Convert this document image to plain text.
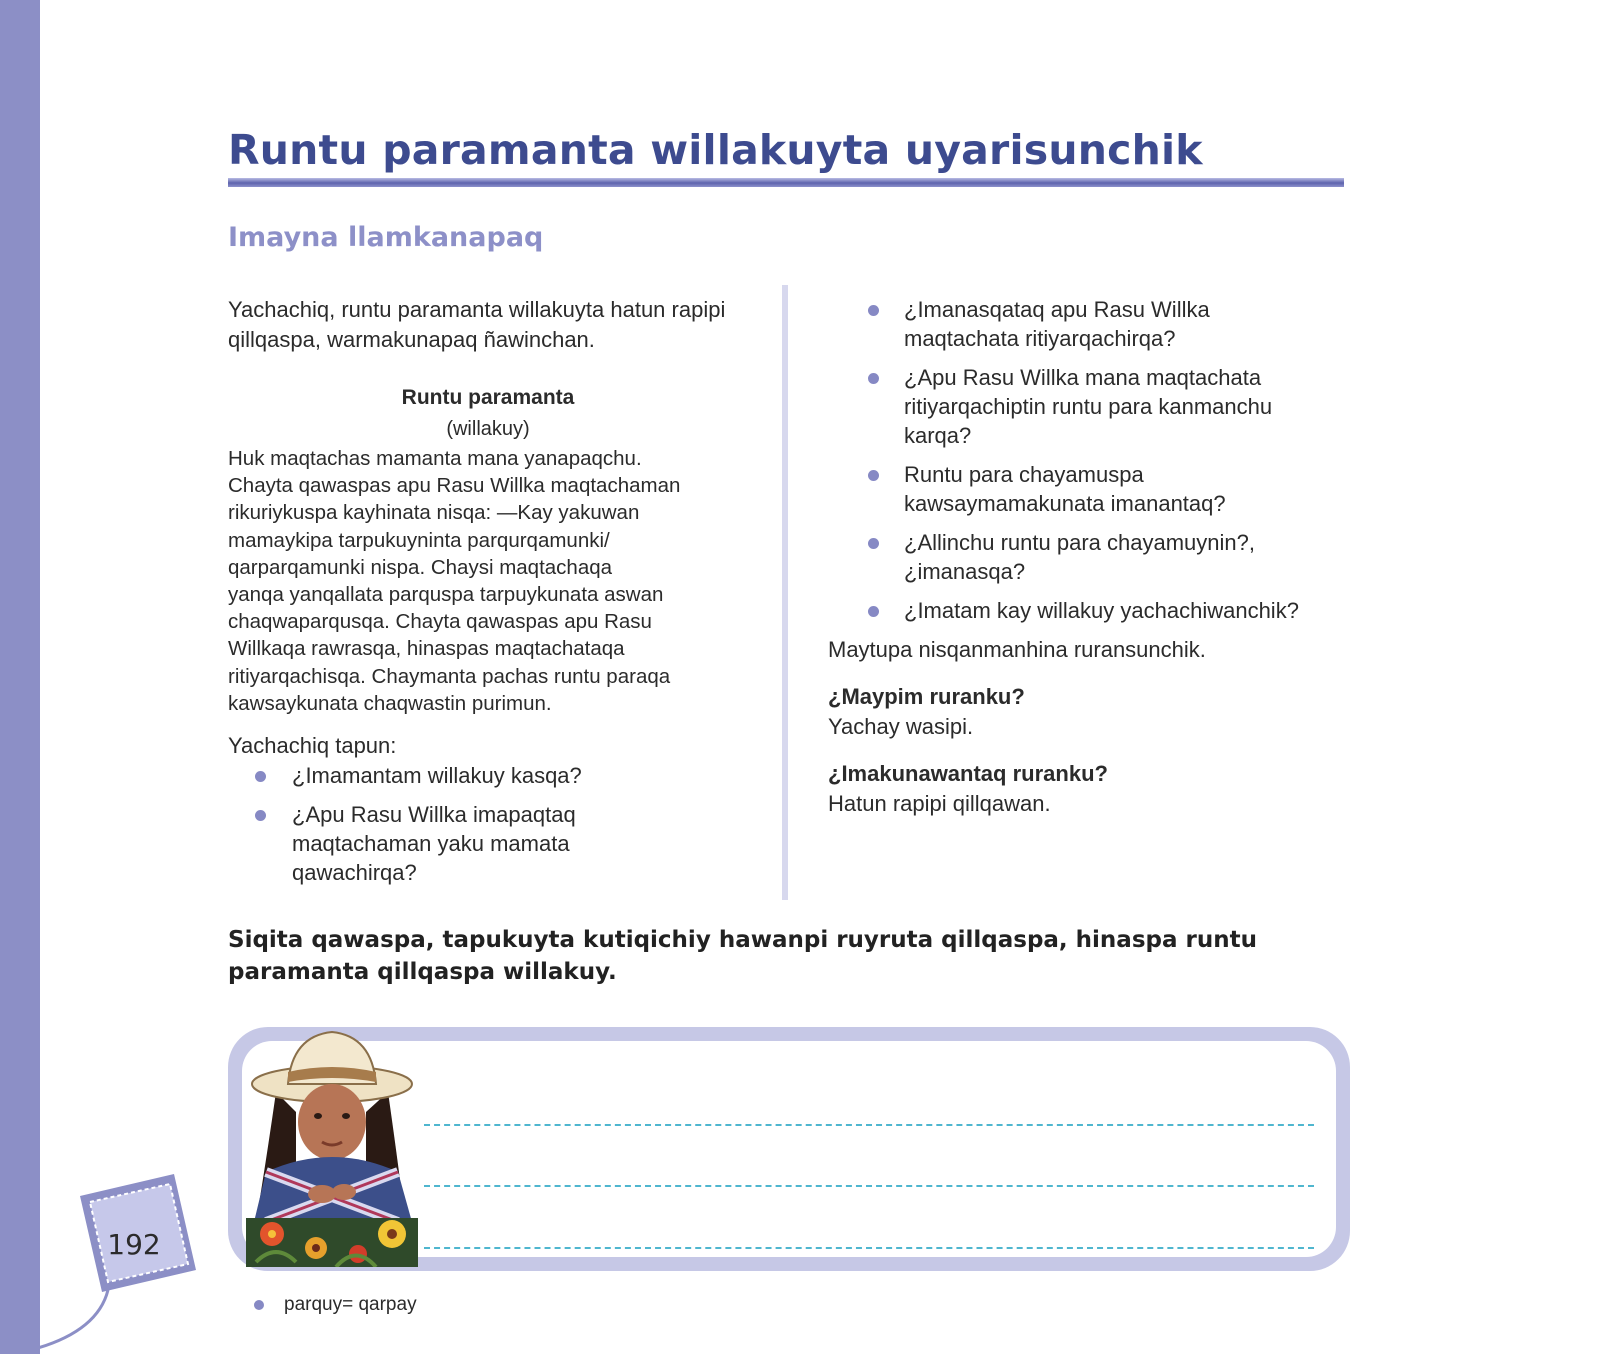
Runtu paramanta willakuyta uyarisunchik
Imayna llamkanapaq

Yachachiq, runtu paramanta willakuyta hatun rapipi qillqaspa, warmakunapaq ñawinchan.

Runtu paramanta

(willakuy)

Huk maqtachas mamanta mana yanapaqchu.

Chayta qawaspas apu Rasu Willka maqtachaman

rikuriykuspa kayhinata nisqa: —Kay yakuwan

mamaykipa tarpukuyninta parqurqamunki/

qarparqamunki nispa. Chaysi maqtachaqa

yanqa yanqallata parquspa tarpuykunata aswan

chaqwaparqusqa. Chayta qawaspas apu Rasu

Willkaqa rawrasqa, hinaspas maqtachataqa

ritiyarqachisqa. Chaymanta pachas runtu paraqa

kawsaykunata chaqwastin purimun.

Yachachiq tapun:

¿Imamantam willakuy kasqa?
¿Apu Rasu Willka imapaqtaq
maqtachaman yaku mamata
qawachirqa?
¿Imanasqataq apu Rasu Willka
maqtachata ritiyarqachirqa?
¿Apu Rasu Willka mana maqtachata
ritiyarqachiptin runtu para kanmanchu
karqa?
Runtu para chayamuspa
kawsaymamakunata imanantaq?
¿Allinchu runtu para chayamuynin?,
¿imanasqa?
¿Imatam kay willakuy yachachiwanchik?

Maytupa nisqanmanhina ruransunchik.

¿Maypim ruranku?

Yachay wasipi.

¿Imakunawantaq ruranku?

Hatun rapipi qillqawan.

Siqita qawaspa, tapukuyta kutiqichiy hawanpi ruyruta qillqaspa, hinaspa runtu paramanta qillqaspa willakuy.

192
parquy= qarpay
